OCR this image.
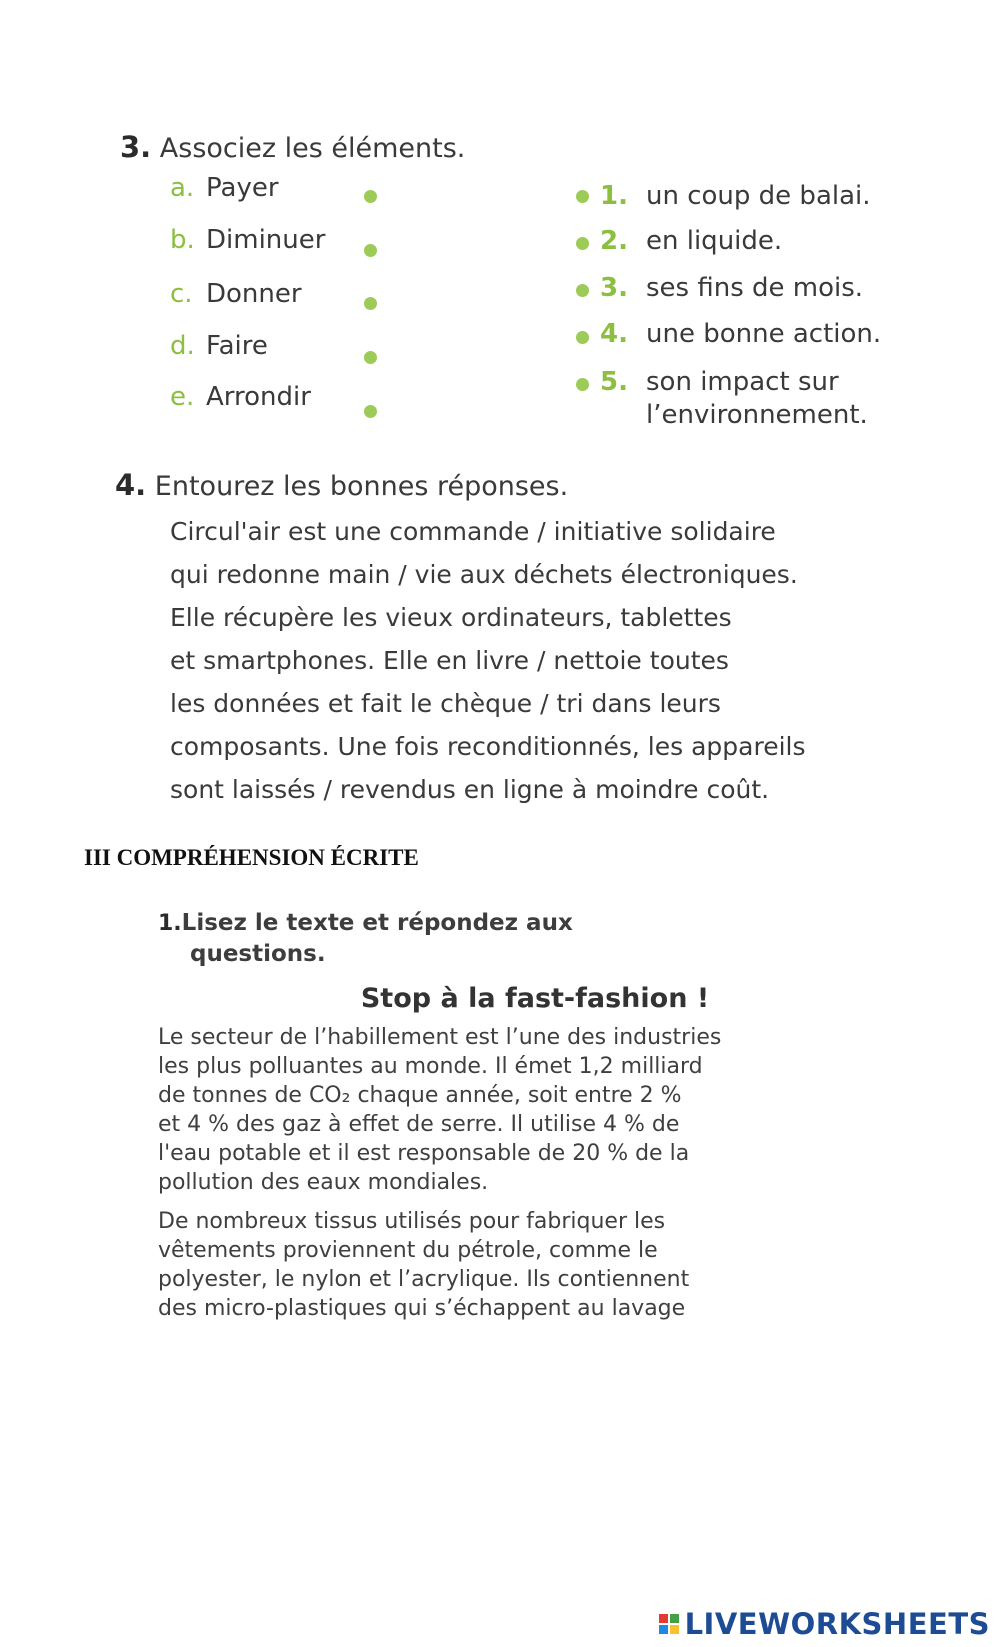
3. Associez les éléments.
a. Payer
b. Diminuer
c. Donner
d. Faire
e. Arrondir
1. un coup de balai.
2. en liquide.
3. ses fins de mois.
4. une bonne action.
5. son impact sur
l’environnement.
4. Entourez les bonnes réponses.
Circul'air est une commande / initiative solidaire
qui redonne main / vie aux déchets électroniques.
Elle récupère les vieux ordinateurs, tablettes
et smartphones. Elle en livre / nettoie toutes
les données et fait le chèque / tri dans leurs
composants. Une fois reconditionnés, les appareils
sont laissés / revendus en ligne à moindre coût.
III COMPRÉHENSION ÉCRITE
1.Lisez le texte et répondez aux
questions.
Stop à la fast-fashion !
Le secteur de l’habillement est l’une des industries
les plus polluantes au monde. Il émet 1,2 milliard
de tonnes de CO₂ chaque année, soit entre 2 %
et 4 % des gaz à effet de serre. Il utilise 4 % de
l'eau potable et il est responsable de 20 % de la
pollution des eaux mondiales.
De nombreux tissus utilisés pour fabriquer les
vêtements proviennent du pétrole, comme le
polyester, le nylon et l’acrylique. Ils contiennent
des micro-plastiques qui s’échappent au lavage
LIVEWORKSHEETS
